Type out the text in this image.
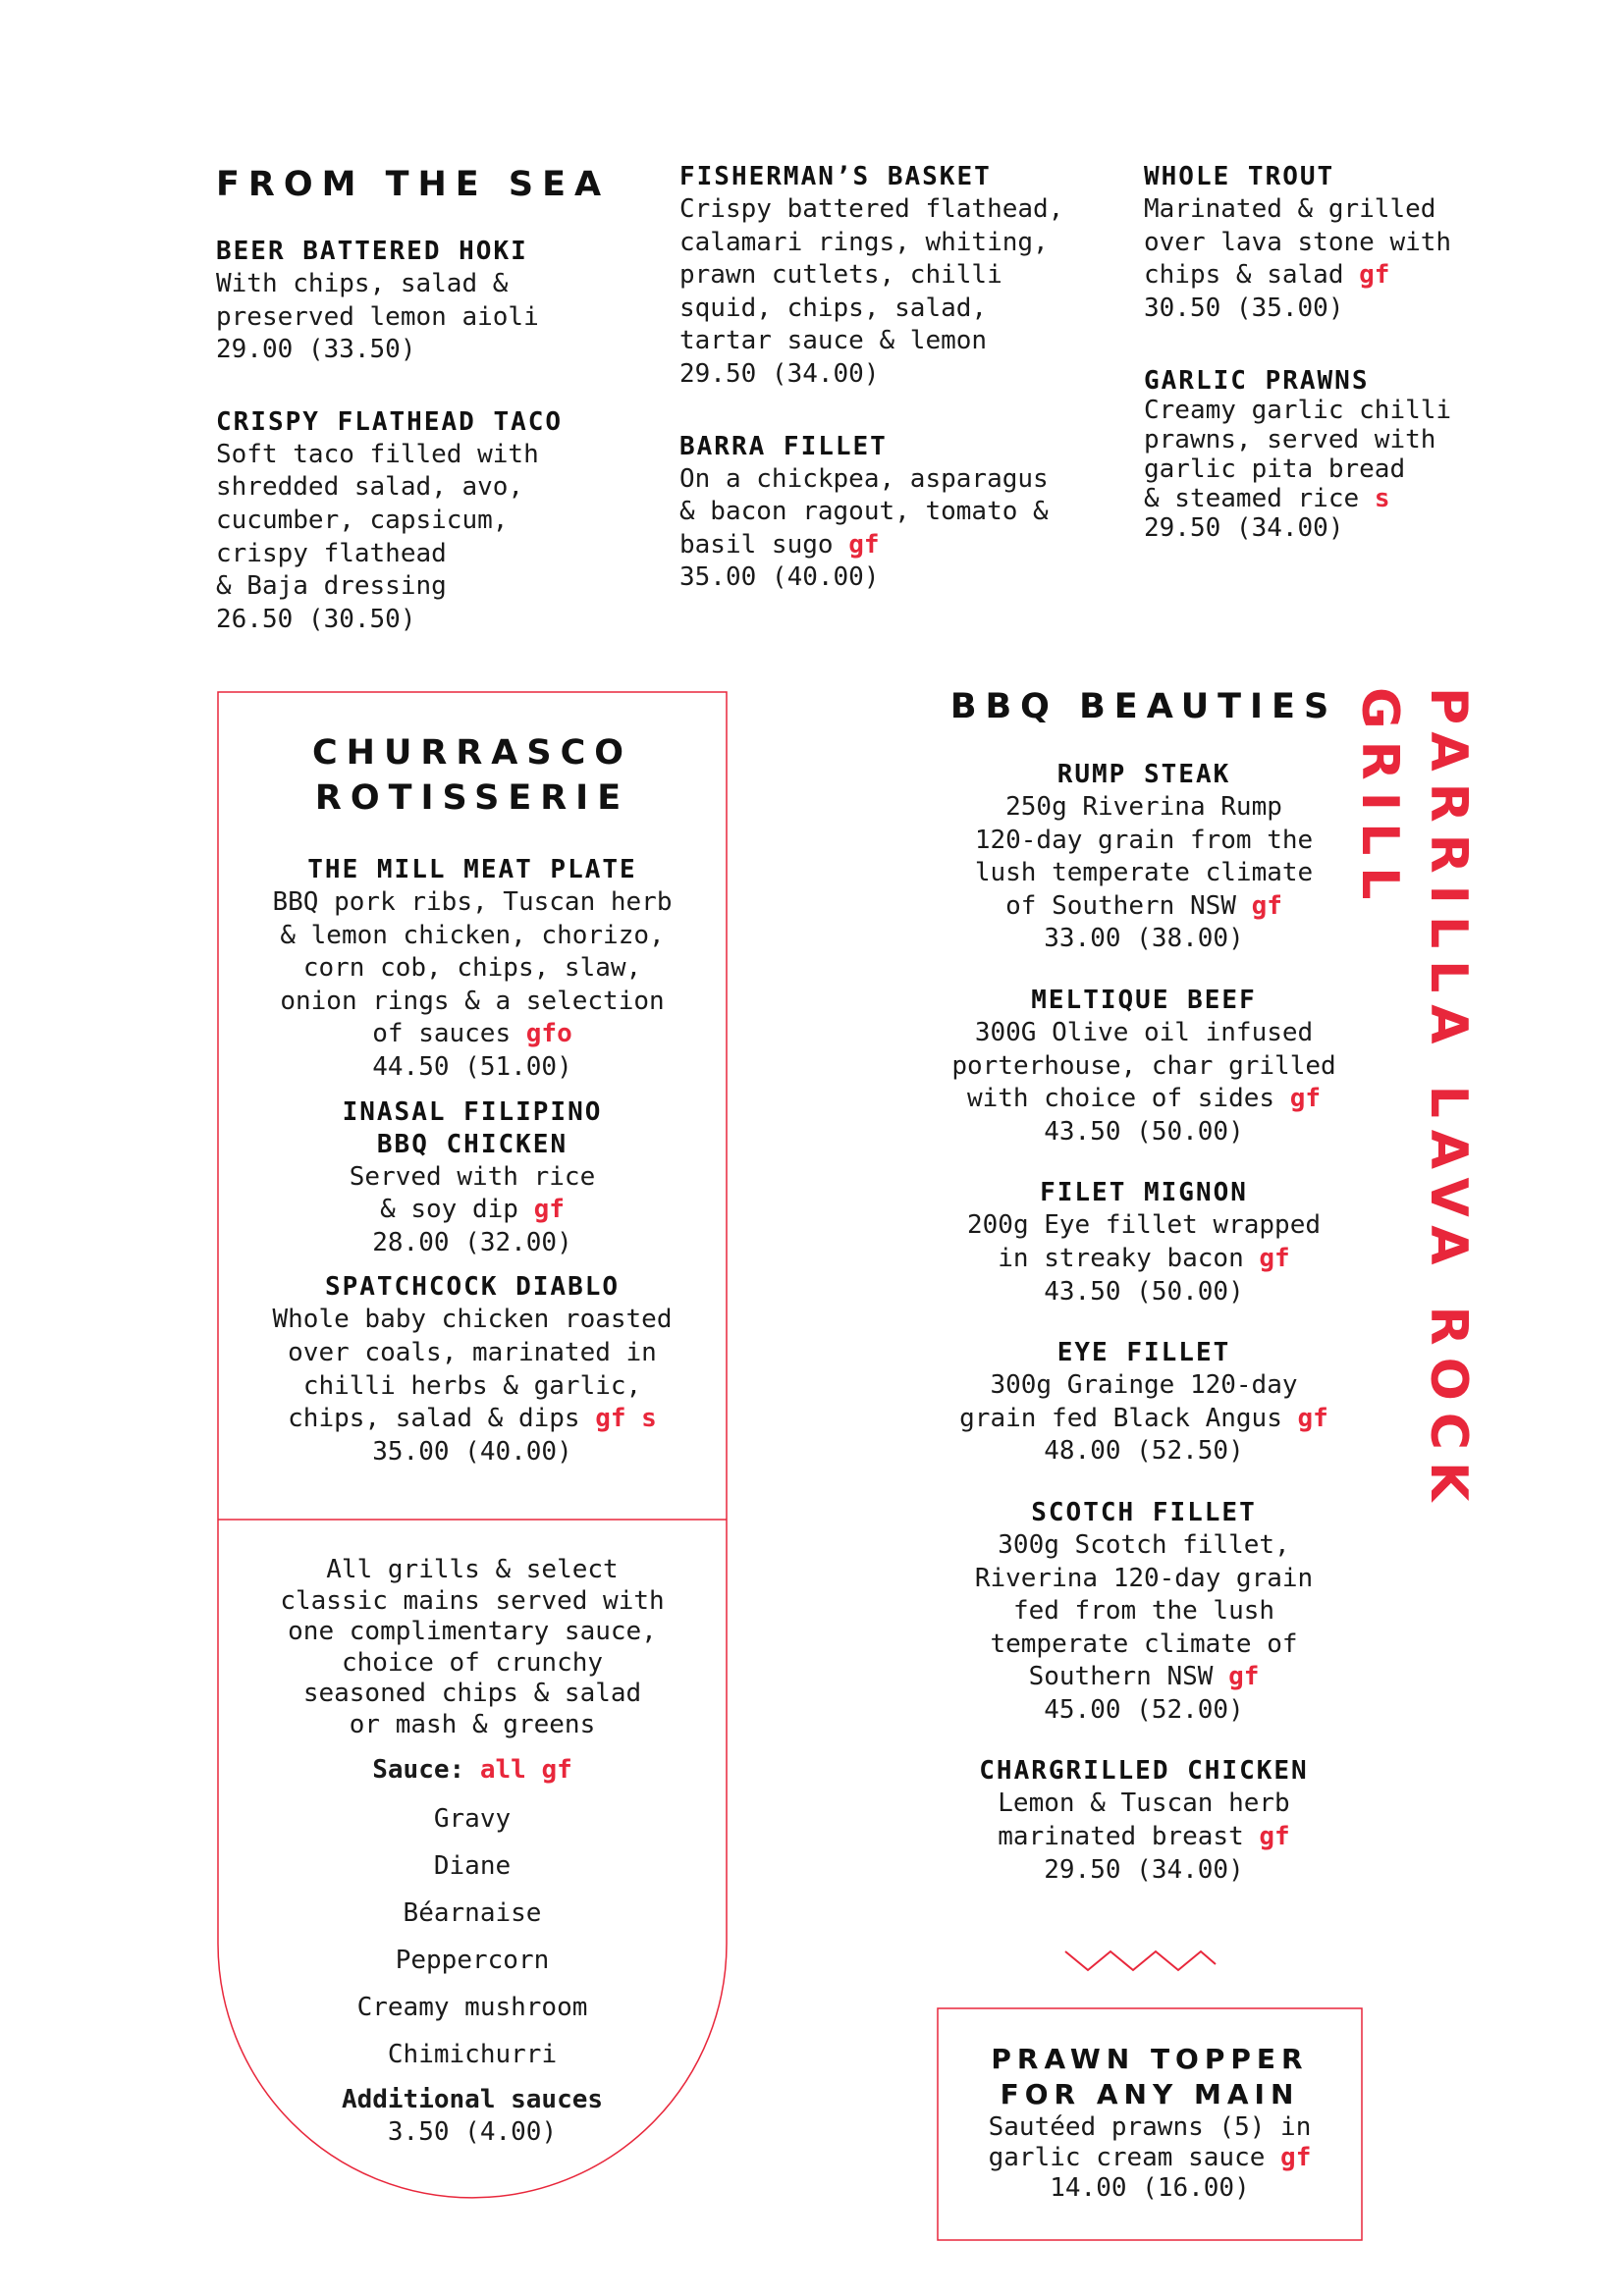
FROM THE SEA
BEER BATTERED HOKI
With chips, salad &
preserved lemon aioli
29.00 (33.50)
CRISPY FLATHEAD TACO
Soft taco filled with
shredded salad, avo,
cucumber, capsicum,
crispy flathead
& Baja dressing
26.50 (30.50)
FISHERMAN’S BASKET
Crispy battered flathead,
calamari rings, whiting,
prawn cutlets, chilli
squid, chips, salad,
tartar sauce & lemon
29.50 (34.00)
BARRA FILLET
On a chickpea, asparagus
& bacon ragout, tomato &
basil sugo gf
35.00 (40.00)
WHOLE TROUT
Marinated & grilled
over lava stone with
chips & salad gf
30.50 (35.00)
GARLIC PRAWNS
Creamy garlic chilli
prawns, served with
garlic pita bread
& steamed rice s
29.50 (34.00)
CHURRASCO
ROTISSERIE
THE MILL MEAT PLATE
BBQ pork ribs, Tuscan herb
& lemon chicken, chorizo,
corn cob, chips, slaw,
onion rings & a selection
of sauces gfo
44.50 (51.00)
INASAL FILIPINO
BBQ CHICKEN
Served with rice
& soy dip gf
28.00 (32.00)
SPATCHCOCK DIABLO
Whole baby chicken roasted
over coals, marinated in
chilli herbs & garlic,
chips, salad & dips gf s
35.00 (40.00)
All grills & select
classic mains served with
one complimentary sauce,
choice of crunchy
seasoned chips & salad
or mash & greens
Sauce: all gf
Gravy
Diane
Béarnaise
Peppercorn
Creamy mushroom
Chimichurri
Additional sauces
3.50 (4.00)
BBQ BEAUTIES
RUMP STEAK
250g Riverina Rump
120-day grain from the
lush temperate climate
of Southern NSW gf
33.00 (38.00)
MELTIQUE BEEF
300G Olive oil infused
porterhouse, char grilled
with choice of sides gf
43.50 (50.00)
FILET MIGNON
200g Eye fillet wrapped
in streaky bacon gf
43.50 (50.00)
EYE FILLET
300g Grainge 120-day
grain fed Black Angus gf
48.00 (52.50)
SCOTCH FILLET
300g Scotch fillet,
Riverina 120-day grain
fed from the lush
temperate climate of
Southern NSW gf
45.00 (52.00)
CHARGRILLED CHICKEN
Lemon & Tuscan herb
marinated breast gf
29.50 (34.00)
PRAWN TOPPER
FOR ANY MAIN
Sautéed prawns (5) in
garlic cream sauce gf
14.00 (16.00)
PARRILLA LAVA ROCK GRILL
